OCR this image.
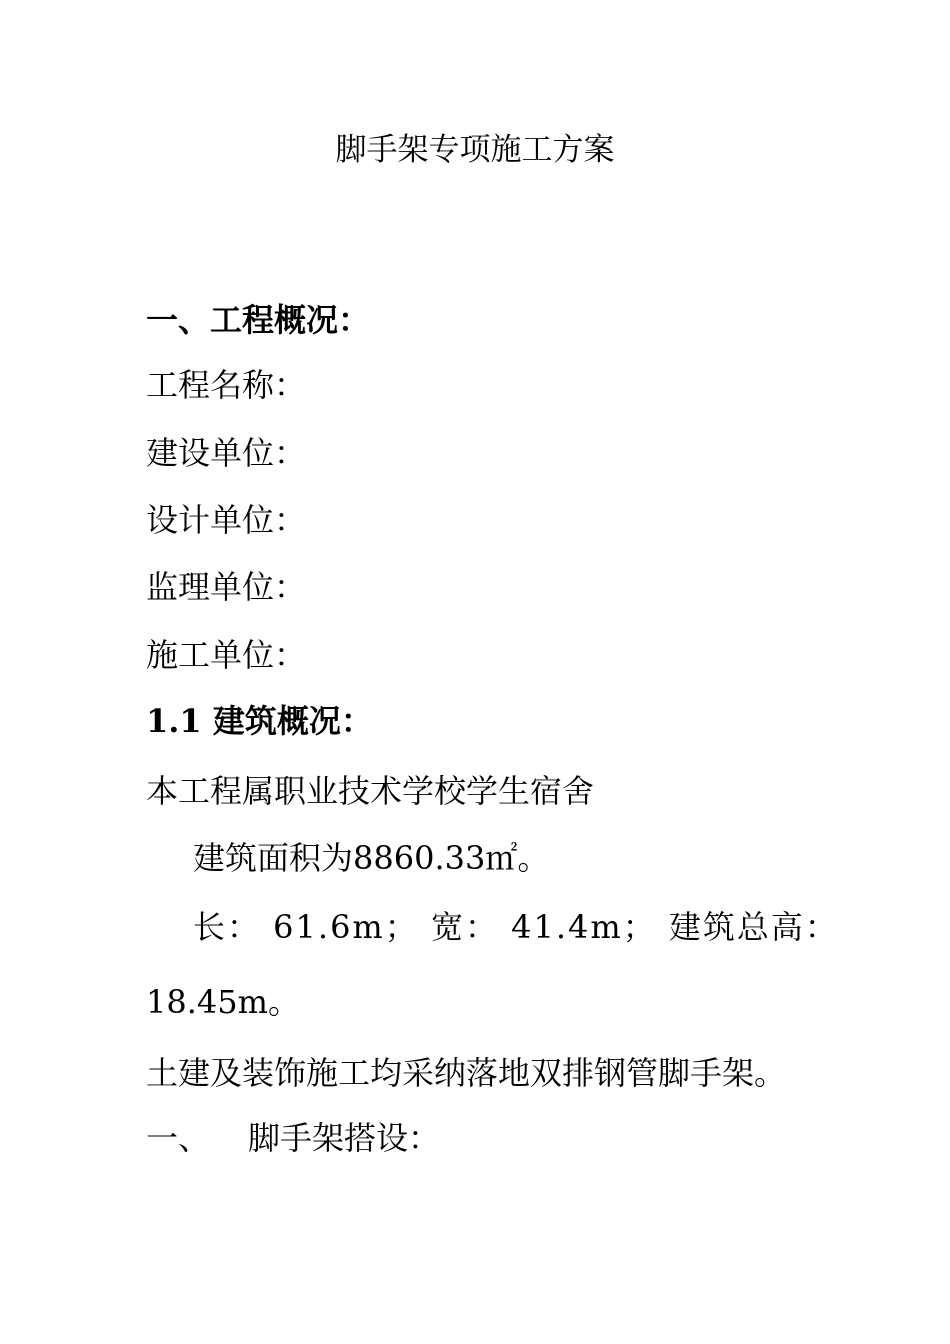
脚手架专项施工方案
一、工程概况：
工程名称：
建设单位：
设计单位：
监理单位：
施工单位：
1.1 建筑概况：
本工程属职业技术学校学生宿舍
建筑面积为8860.33㎡。
长： 61.6m； 宽： 41.4m； 建筑总高：
18.45m。
土建及装饰施工均采纳落地双排钢管脚手架。
一、 脚手架搭设：
